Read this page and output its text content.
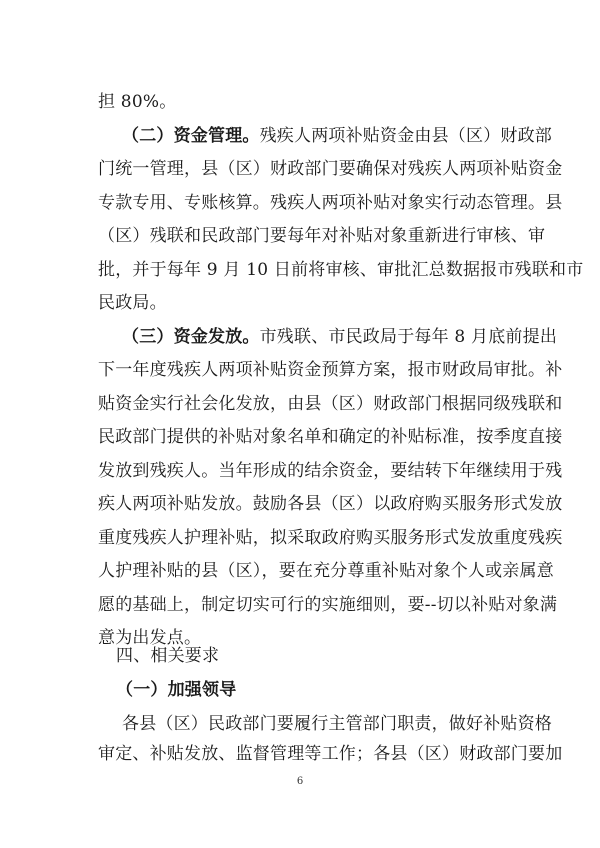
担 80%。
（二）资金管理。残疾人两项补贴资金由县（区）财政部
门统一管理，县（区）财政部门要确保对残疾人两项补贴资金
专款专用、专账核算。残疾人两项补贴对象实行动态管理。县
（区）残联和民政部门要每年对补贴对象重新进行审核、审
批，并于每年 9 月 10 日前将审核、审批汇总数据报市残联和市
民政局。
（三）资金发放。市残联、市民政局于每年 8 月底前提出
下一年度残疾人两项补贴资金预算方案，报市财政局审批。补
贴资金实行社会化发放，由县（区）财政部门根据同级残联和
民政部门提供的补贴对象名单和确定的补贴标准，按季度直接
发放到残疾人。当年形成的结余资金，要结转下年继续用于残
疾人两项补贴发放。鼓励各县（区）以政府购买服务形式发放
重度残疾人护理补贴，拟采取政府购买服务形式发放重度残疾
人护理补贴的县（区），要在充分尊重补贴对象个人或亲属意
愿的基础上，制定切实可行的实施细则，要--切以补贴对象满
意为出发点。
四、相关要求
（一）加强领导
各县（区）民政部门要履行主管部门职责，做好补贴资格
审定、补贴发放、监督管理等工作；各县（区）财政部门要加
6
